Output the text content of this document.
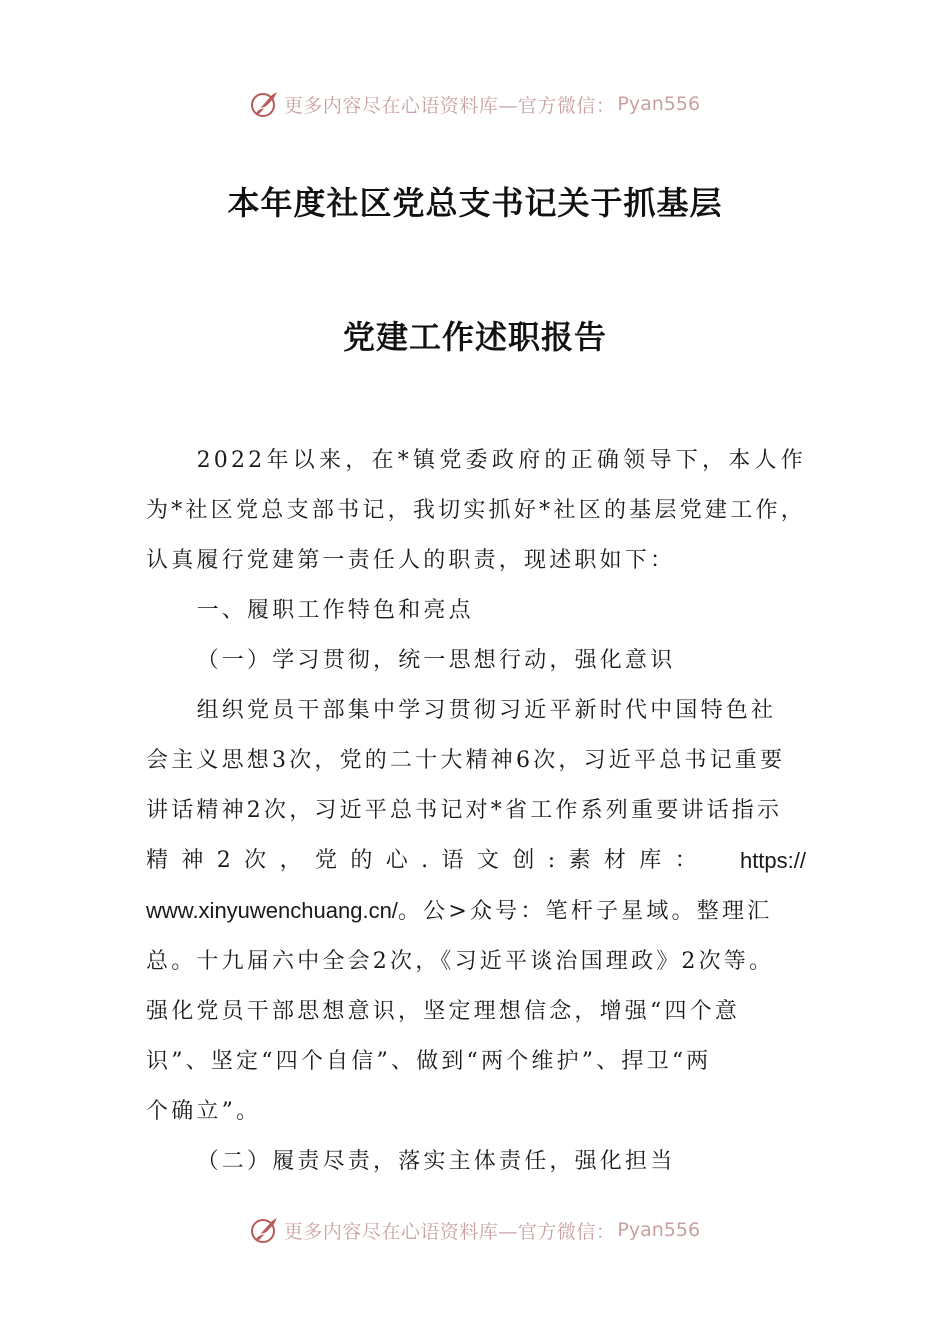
更多内容尽在心语资料库—官方微信： Pyan556
本年度社区党总支书记关于抓基层
党建工作述职报告

2022年以来，在*镇党委政府的正确领导下，本人作为*社区党总支部书记，我切实抓好*社区的基层党建工作，认真履行党建第一责任人的职责，现述职如下：

一、履职工作特色和亮点

（一）学习贯彻，统一思想行动，强化意识

组织党员干部集中学习贯彻习近平新时代中国特色社
会主义思想3次，党的二十大精神6次，习近平总书记重要
讲话精神2次，习近平总书记对*省工作系列重要讲话指示
精 神 2 次 ， 党 的 心 . 语 文 创 : 素 材 库 ： https://
www.xinyuwenchuang.cn/。公>众号：笔杆子星域。整理汇
总。十九届六中全会2次，《习近平谈治国理政》2次等。
强化党员干部思想意识，坚定理想信念，增强“四个意
识”、坚定“四个自信”、做到“两个维护”、捍卫“两
个确立”。

（二）履责尽责，落实主体责任，强化担当

更多内容尽在心语资料库—官方微信： Pyan556
